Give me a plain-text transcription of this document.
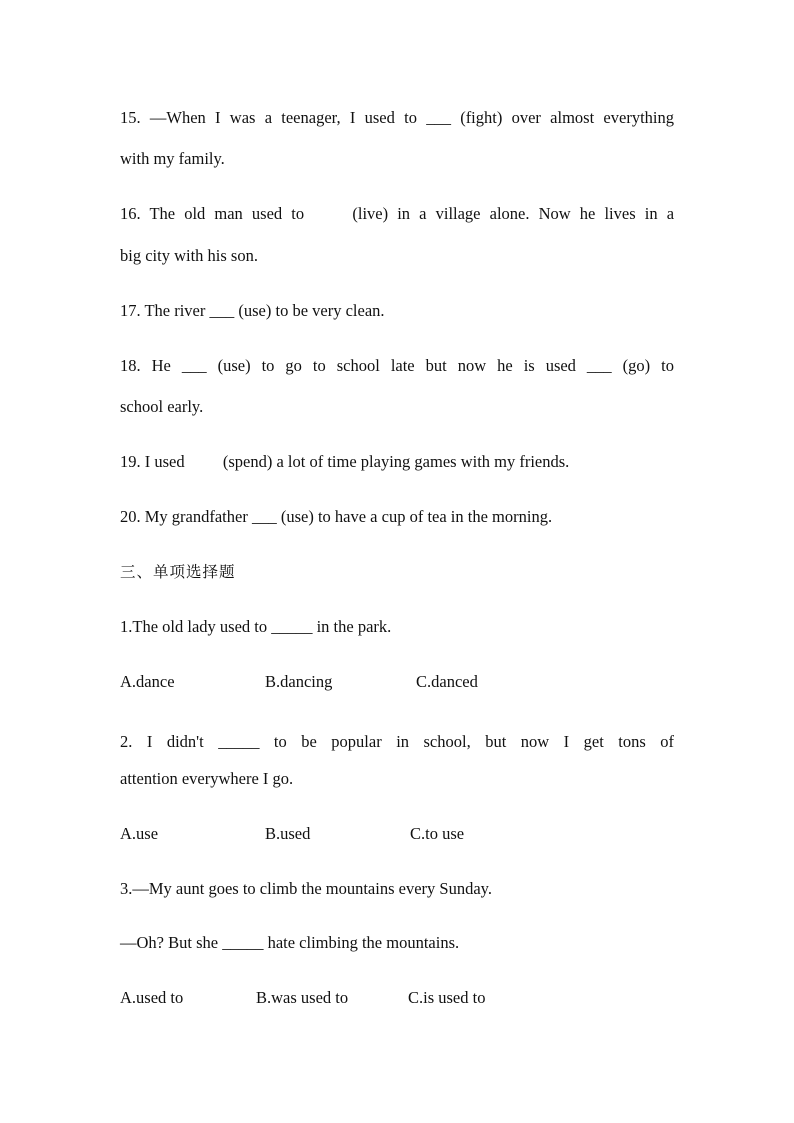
15. —When I was a teenager, I used to ___ (fight) over almost everything
with my family.
16. The old man used to	(live) in a village alone. Now he lives in a
big city with his son.
17. The river ___ (use) to be very clean.
18. He ___ (use) to go to school late but now he is used ___ (go) to
school early.
19. I used (spend) a lot of time playing games with my friends.
20. My grandfather ___ (use) to have a cup of tea in the morning.
三、单项选择题
1.The old lady used to _____ in the park.
A.dance	B.dancing	C.danced
2. I didn't _____ to be popular in school, but now I get tons of
attention everywhere I go.
A.use	B.used	C.to use
3.—My aunt goes to climb the mountains every Sunday.
—Oh? But she _____ hate climbing the mountains.
A.used to	B.was used to	C.is used to
